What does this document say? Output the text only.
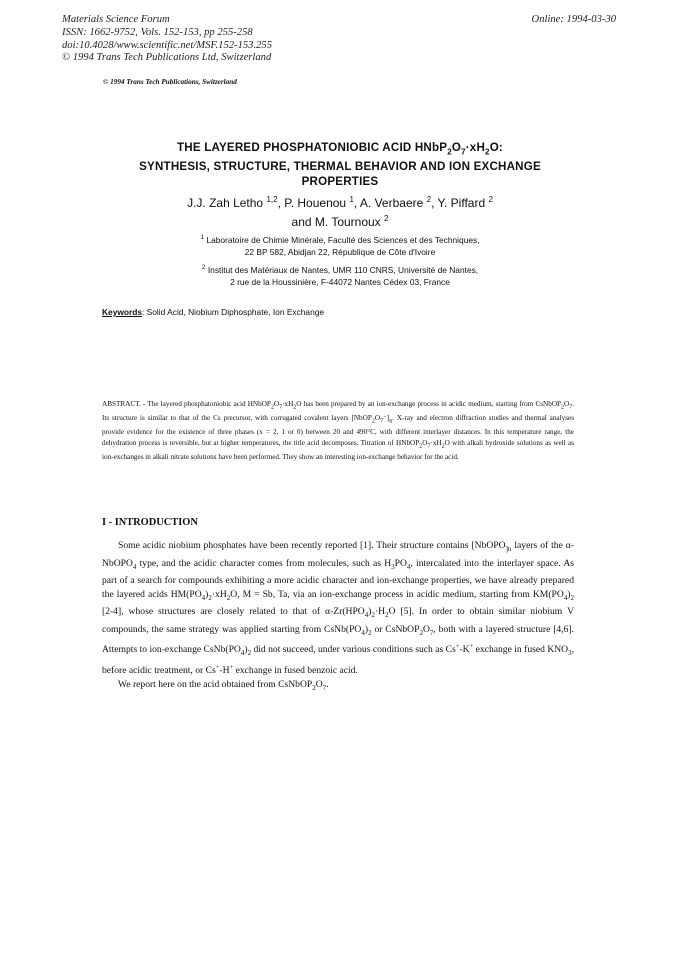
Materials Science Forum
ISSN: 1662-9752, Vols. 152-153, pp 255-258
doi:10.4028/www.scientific.net/MSF.152-153.255
© 1994 Trans Tech Publications Ltd, Switzerland
Online: 1994-03-30
© 1994 Trans Tech Publications, Switzerland
THE LAYERED PHOSPHATONIOBIC ACID $HNbP_2O_7\cdot xH_2O$:
SYNTHESIS, STRUCTURE, THERMAL BEHAVIOR AND ION EXCHANGE
PROPERTIES
J.J. Zah Letho $^{1,2}$, P. Houenou $^1$, A. Verbaere $^2$, Y. Piffard $^2$
and M. Tournoux $^2$
$^1$ Laboratoire de Chimie Minérale, Faculté des Sciences et des Techniques,
22 BP 582, Abidjan 22, République de Côte d'Ivoire
$^2$ Institut des Matériaux de Nantes, UMR 110 CNRS, Université de Nantes,
2 rue de la Houssinière, F-44072 Nantes Cédex 03, France
Keywords: Solid Acid, Niobium Diphosphate, Ion Exchange
ABSTRACT. - The layered phosphatoniobic acid $HNbOP_2O_7\cdot xH_2O$ has been prepared by an ion-exchange process in acidic medium, starting from $CsNbOP_2O_7$. Its structure is similar to that of the Cs precursor, with corrugated covalent layers $[NbOP_2O_7^-]_n$. X-ray and electron diffraction studies and thermal analyses provide evidence for the existence of three phases (x = 2, 1 or 0) between 20 and 490°C, with different interlayer distances. In this temperature range, the dehydration process is reversible, but at higher temperatures, the title acid decomposes. Titration of $HNbOP_2O_7\cdot xH_2O$ with alkali hydroxide solutions as well as ion-exchanges in alkali nitrate solutions have been performed. They show an interesting ion-exchange behavior for the acid.
I - INTRODUCTION

Some acidic niobium phosphates have been recently reported [1]. Their structure contains [NbOPO$_{]n}$ layers of the α-NbOPO$_4$ type, and the acidic character comes from molecules, such as $H_3PO_4$, intercalated into the interlayer space. As part of a search for compounds exhibiting a more acidic character and ion-exchange properties, we have already prepared the layered acids $HM(PO_4)_2\cdot xH_2O$, M = Sb, Ta, via an ion-exchange process in acidic medium, starting from $KM(PO_4)_2$ [2-4], whose structures are closely related to that of $\alpha-Zr(HPO_4)_2\cdot H_2O$ [5]. In order to obtain similar niobium V compounds, the same strategy was applied starting from $CsNb(PO_4)_2$ or $CsNbOP_2O_7$, both with a layered structure [4,6]. Attempts to ion-exchange $CsNb(PO_4)_2$ did not succeed, under various conditions such as Cs+-K+ exchange in fused $KNO_3$, before acidic treatment, or Cs+-H+ exchange in fused benzoic acid.

We report here on the acid obtained from $CsNbOP_2O_7$.
